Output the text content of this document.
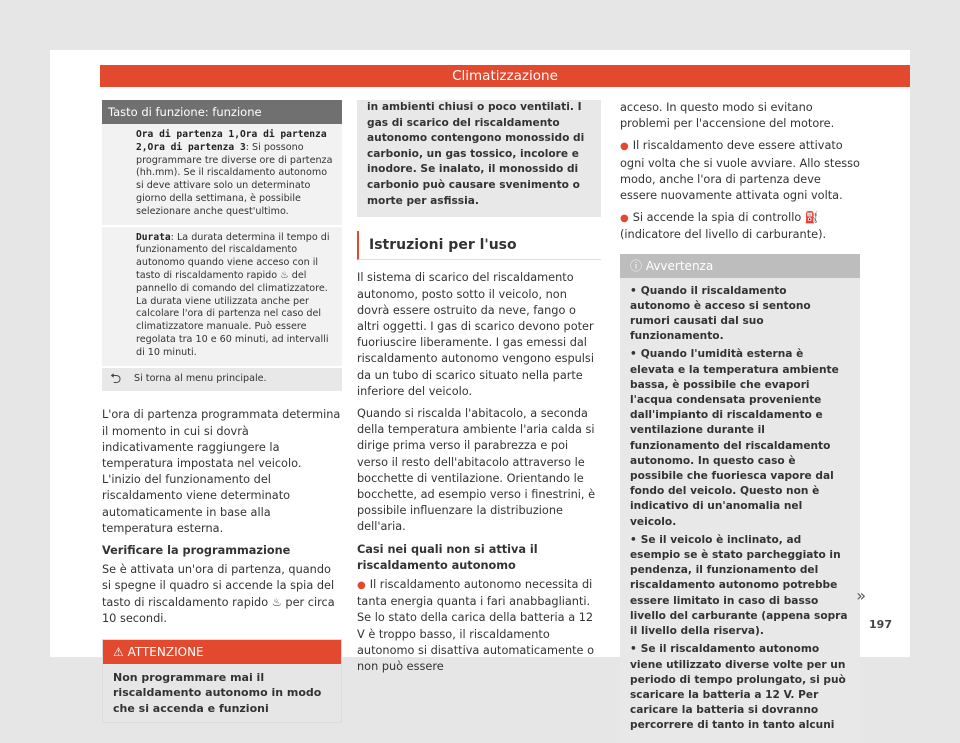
Climatizzazione
Tasto di funzione: funzione
Ora di partenza 1,Ora di partenza 2,Ora di partenza 3: Si possono programmare tre diverse ore di partenza (hh.mm). Se il riscaldamento autonomo si deve attivare solo un determinato giorno della settimana, è possibile selezionare anche quest'ultimo.
Durata: La durata determina il tempo di funzionamento del riscaldamento autonomo quando viene acceso con il tasto di riscaldamento rapido ♨ del pannello di comando del climatizzatore. La durata viene utilizzata anche per calcolare l'ora di partenza nel caso del climatizzatore manuale. Può essere regolata tra 10 e 60 minuti, ad intervalli di 10 minuti.
⮌	Si torna al menu principale.

L'ora di partenza programmata determina il momento in cui si dovrà indicativamente raggiungere la temperatura impostata nel veicolo. L'inizio del funzionamento del riscaldamento viene determinato automaticamente in base alla temperatura esterna.

Verificare la programmazione

Se è attivata un'ora di partenza, quando si spegne il quadro si accende la spia del tasto di riscaldamento rapido ♨ per circa 10 secondi.

⚠ ATTENZIONE
Non programmare mai il riscaldamento autonomo in modo che si accenda e funzioni
in ambienti chiusi o poco ventilati. I gas di scarico del riscaldamento autonomo contengono monossido di carbonio, un gas tossico, incolore e inodore. Se inalato, il monossido di carbonio può causare svenimento o morte per asfissia.
Istruzioni per l'uso

Il sistema di scarico del riscaldamento autonomo, posto sotto il veicolo, non dovrà essere ostruito da neve, fango o altri oggetti. I gas di scarico devono poter fuoriuscire liberamente. I gas emessi dal riscaldamento autonomo vengono espulsi da un tubo di scarico situato nella parte inferiore del veicolo.

Quando si riscalda l'abitacolo, a seconda della temperatura ambiente l'aria calda si dirige prima verso il parabrezza e poi verso il resto dell'abitacolo attraverso le bocchette di ventilazione. Orientando le bocchette, ad esempio verso i finestrini, è possibile influenzare la distribuzione dell'aria.

Casi nei quali non si attiva il riscaldamento autonomo

● Il riscaldamento autonomo necessita di tanta energia quanta i fari anabbaglianti. Se lo stato della carica della batteria a 12 V è troppo basso, il riscaldamento autonomo si disattiva automaticamente o non può essere

acceso. In questo modo si evitano problemi per l'accensione del motore.

● Il riscaldamento deve essere attivato ogni volta che si vuole avviare. Allo stesso modo, anche l'ora di partenza deve essere nuovamente attivata ogni volta.

● Si accende la spia di controllo ⛽ (indicatore del livello di carburante).

ⓘ Avvertenza

• Quando il riscaldamento autonomo è acceso si sentono rumori causati dal suo funzionamento.

• Quando l'umidità esterna è elevata e la temperatura ambiente bassa, è possibile che evapori l'acqua condensata proveniente dall'impianto di riscaldamento e ventilazione durante il funzionamento del riscaldamento autonomo. In questo caso è possibile che fuoriesca vapore dal fondo del veicolo. Questo non è indicativo di un'anomalia nel veicolo.

• Se il veicolo è inclinato, ad esempio se è stato parcheggiato in pendenza, il funzionamento del riscaldamento autonomo potrebbe essere limitato in caso di basso livello del carburante (appena sopra il livello della riserva).

• Se il riscaldamento autonomo viene utilizzato diverse volte per un periodo di tempo prolungato, si può scaricare la batteria a 12 V. Per caricare la batteria si dovranno percorrere di tanto in tanto alcuni

»
197
